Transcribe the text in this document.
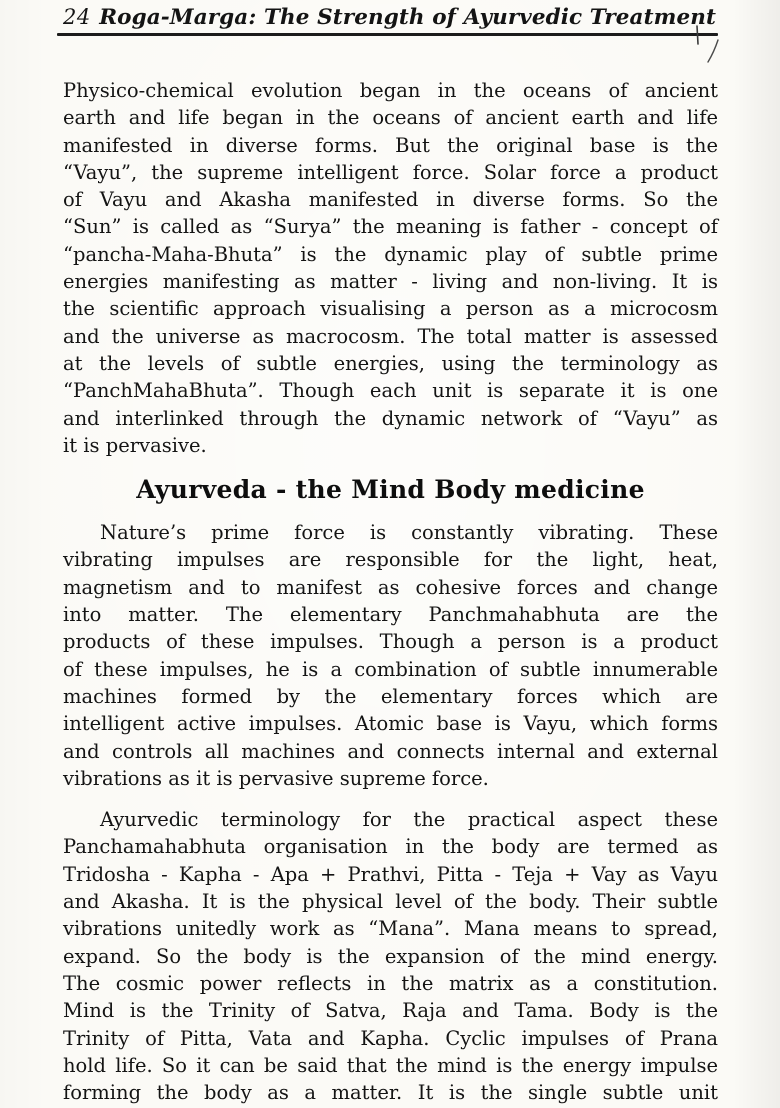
24 Roga-Marga: The Strength of Ayurvedic Treatment
Physico-chemical evolution began in the oceans of ancient
earth and life began in the oceans of ancient earth and life
manifested in diverse forms. But the original base is the
“Vayu”, the supreme intelligent force. Solar force a product
of Vayu and Akasha manifested in diverse forms. So the
“Sun” is called as “Surya” the meaning is father - concept of
“pancha-Maha-Bhuta” is the dynamic play of subtle prime
energies manifesting as matter - living and non-living. It is
the scientific approach visualising a person as a microcosm
and the universe as macrocosm. The total matter is assessed
at the levels of subtle energies, using the terminology as
“PanchMahaBhuta”. Though each unit is separate it is one
and interlinked through the dynamic network of “Vayu” as
it is pervasive.
Ayurveda - the Mind Body medicine
Nature’s prime force is constantly vibrating. These
vibrating impulses are responsible for the light, heat,
magnetism and to manifest as cohesive forces and change
into matter. The elementary Panchmahabhuta are the
products of these impulses. Though a person is a product
of these impulses, he is a combination of subtle innumerable
machines formed by the elementary forces which are
intelligent active impulses. Atomic base is Vayu, which forms
and controls all machines and connects internal and external
vibrations as it is pervasive supreme force.
Ayurvedic terminology for the practical aspect these
Panchamahabhuta organisation in the body are termed as
Tridosha - Kapha - Apa + Prathvi, Pitta - Teja + Vay as Vayu
and Akasha. It is the physical level of the body. Their subtle
vibrations unitedly work as “Mana”. Mana means to spread,
expand. So the body is the expansion of the mind energy.
The cosmic power reflects in the matrix as a constitution.
Mind is the Trinity of Satva, Raja and Tama. Body is the
Trinity of Pitta, Vata and Kapha. Cyclic impulses of Prana
hold life. So it can be said that the mind is the energy impulse
forming the body as a matter. It is the single subtle unit
